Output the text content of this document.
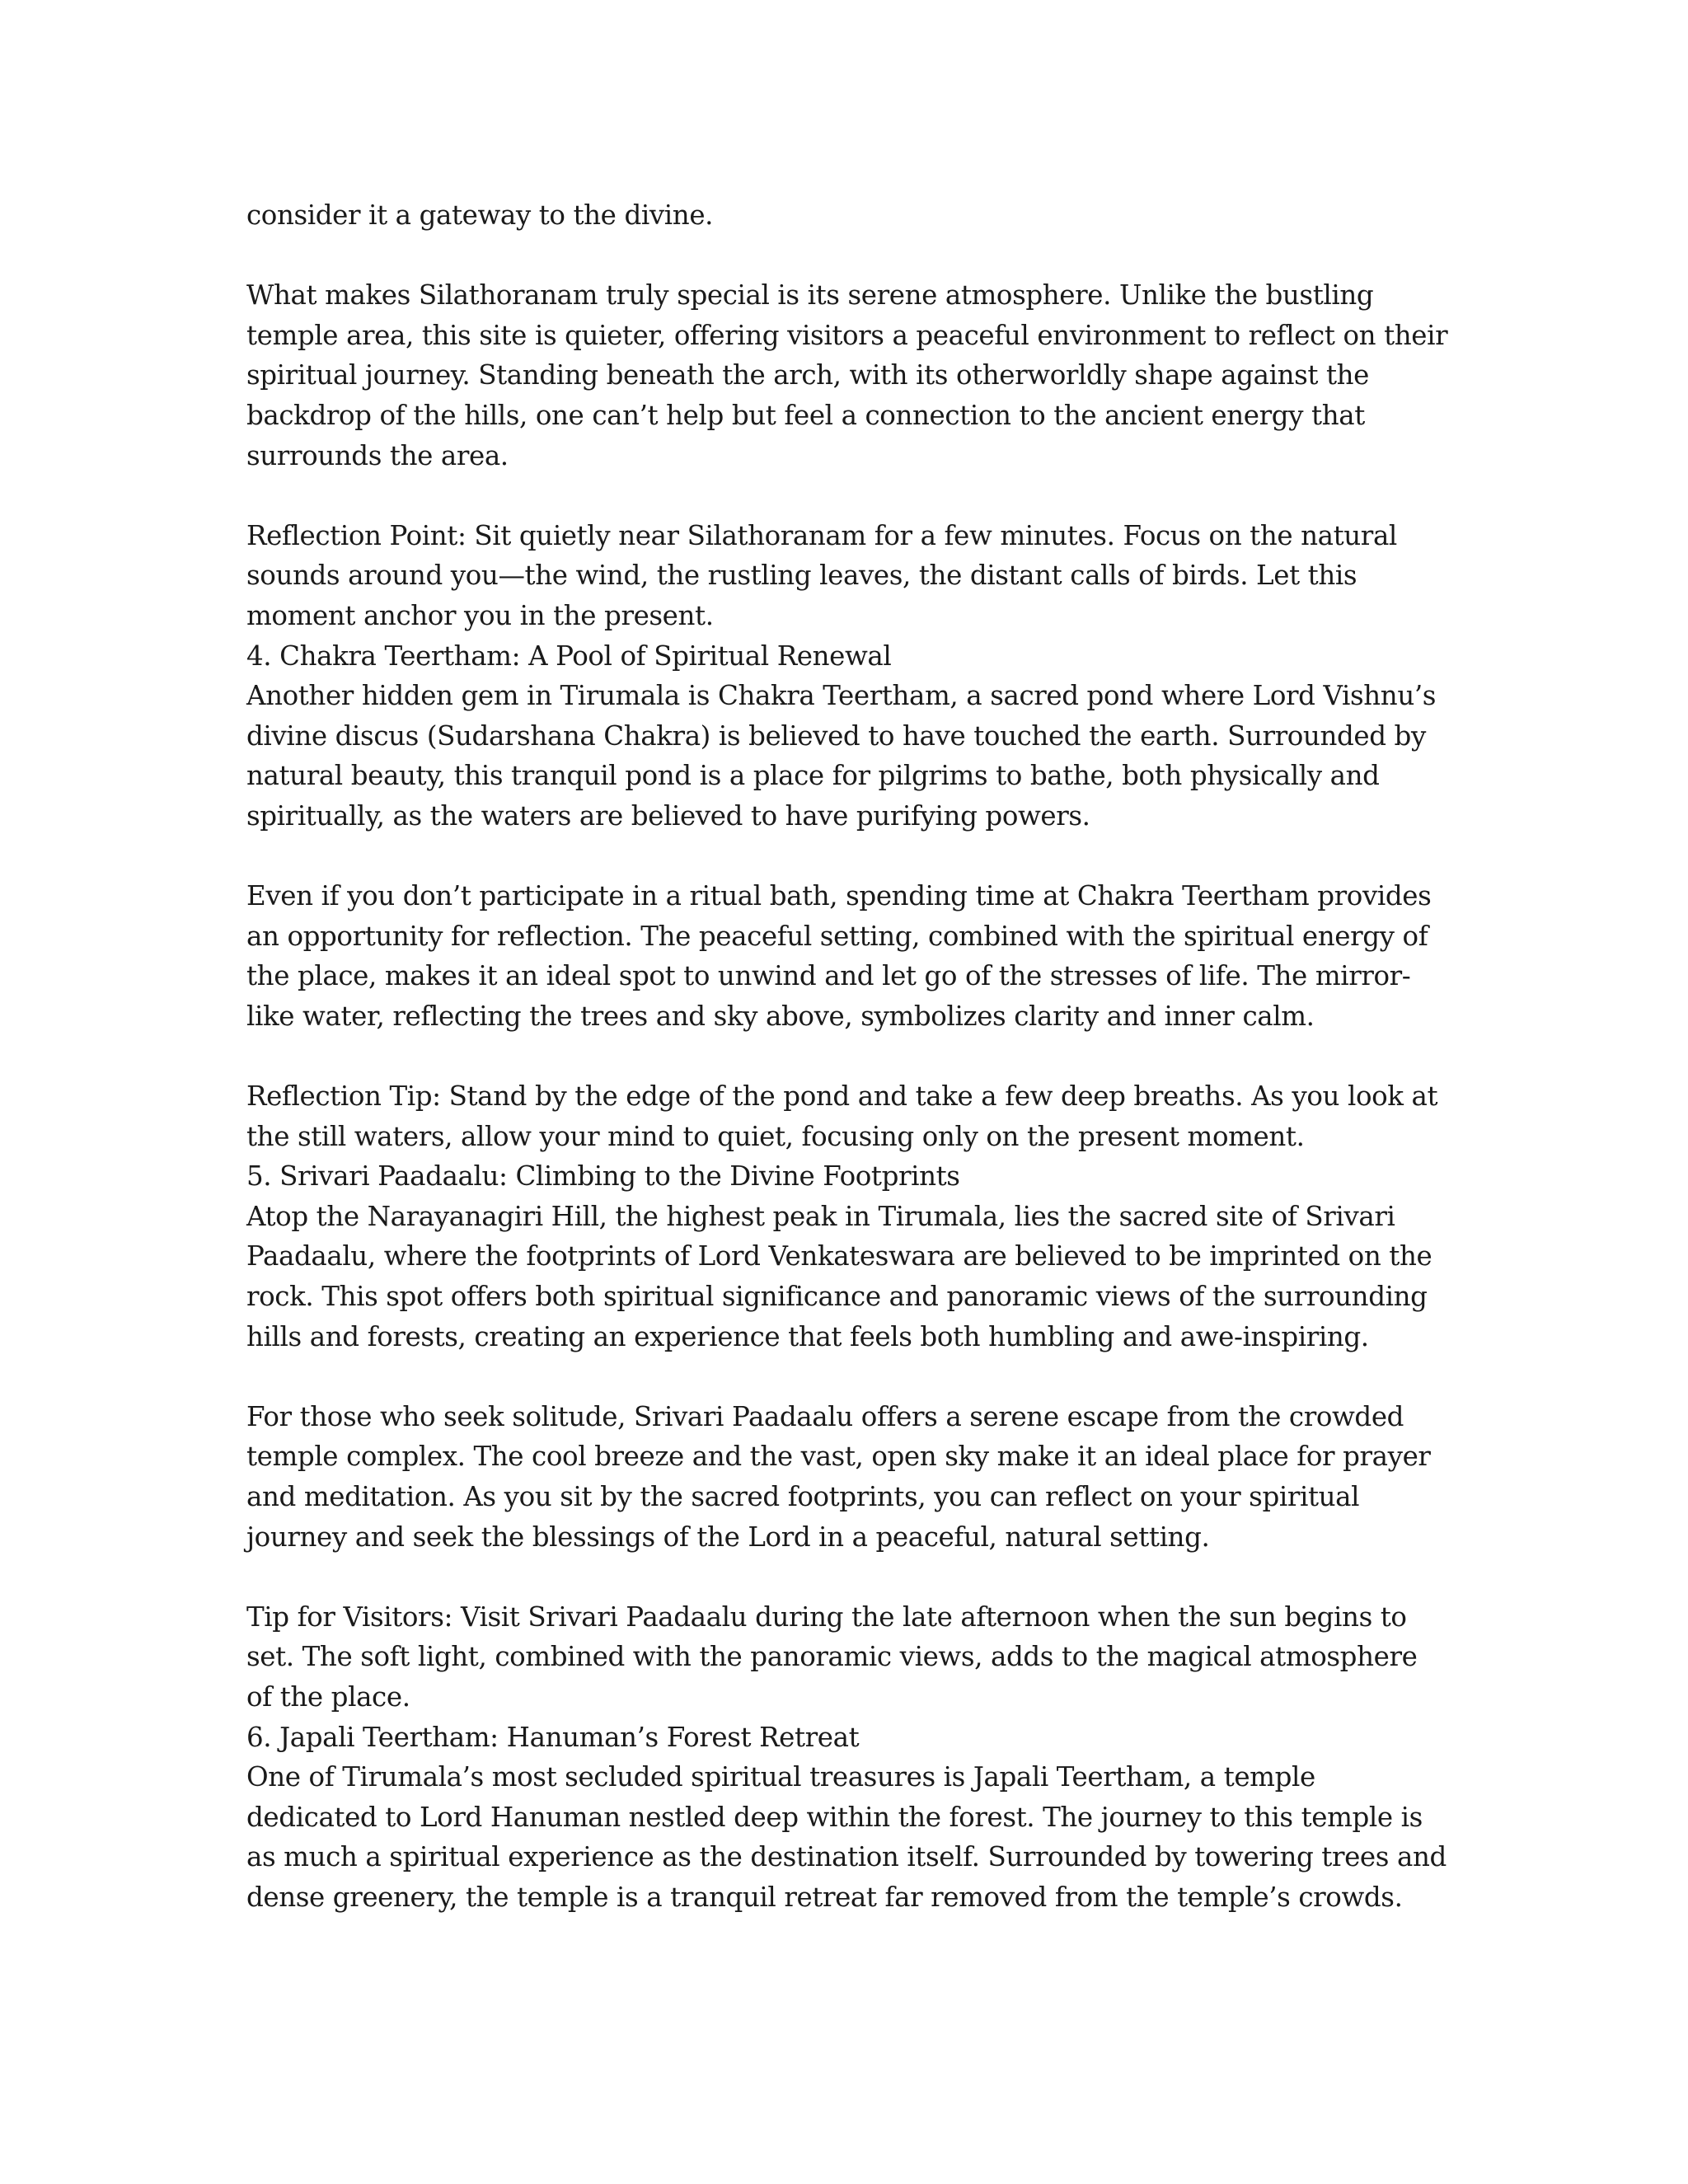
consider it a gateway to the divine.

What makes Silathoranam truly special is its serene atmosphere. Unlike the bustling temple area, this site is quieter, offering visitors a peaceful environment to reflect on their spiritual journey. Standing beneath the arch, with its otherworldly shape against the backdrop of the hills, one can’t help but feel a connection to the ancient energy that surrounds the area.

Reflection Point: Sit quietly near Silathoranam for a few minutes. Focus on the natural sounds around you—the wind, the rustling leaves, the distant calls of birds. Let this moment anchor you in the present.

4. Chakra Teertham: A Pool of Spiritual Renewal

Another hidden gem in Tirumala is Chakra Teertham, a sacred pond where Lord Vishnu’s divine discus (Sudarshana Chakra) is believed to have touched the earth. Surrounded by natural beauty, this tranquil pond is a place for pilgrims to bathe, both physically and spiritually, as the waters are believed to have purifying powers.

Even if you don’t participate in a ritual bath, spending time at Chakra Teertham provides an opportunity for reflection. The peaceful setting, combined with the spiritual energy of the place, makes it an ideal spot to unwind and let go of the stresses of life. The mirror-like water, reflecting the trees and sky above, symbolizes clarity and inner calm.

Reflection Tip: Stand by the edge of the pond and take a few deep breaths. As you look at the still waters, allow your mind to quiet, focusing only on the present moment.

5. Srivari Paadaalu: Climbing to the Divine Footprints

Atop the Narayanagiri Hill, the highest peak in Tirumala, lies the sacred site of Srivari Paadaalu, where the footprints of Lord Venkateswara are believed to be imprinted on the rock. This spot offers both spiritual significance and panoramic views of the surrounding hills and forests, creating an experience that feels both humbling and awe-inspiring.

For those who seek solitude, Srivari Paadaalu offers a serene escape from the crowded temple complex. The cool breeze and the vast, open sky make it an ideal place for prayer and meditation. As you sit by the sacred footprints, you can reflect on your spiritual journey and seek the blessings of the Lord in a peaceful, natural setting.

Tip for Visitors: Visit Srivari Paadaalu during the late afternoon when the sun begins to set. The soft light, combined with the panoramic views, adds to the magical atmosphere of the place.

6. Japali Teertham: Hanuman’s Forest Retreat

One of Tirumala’s most secluded spiritual treasures is Japali Teertham, a temple dedicated to Lord Hanuman nestled deep within the forest. The journey to this temple is as much a spiritual experience as the destination itself. Surrounded by towering trees and dense greenery, the temple is a tranquil retreat far removed from the temple’s crowds.
